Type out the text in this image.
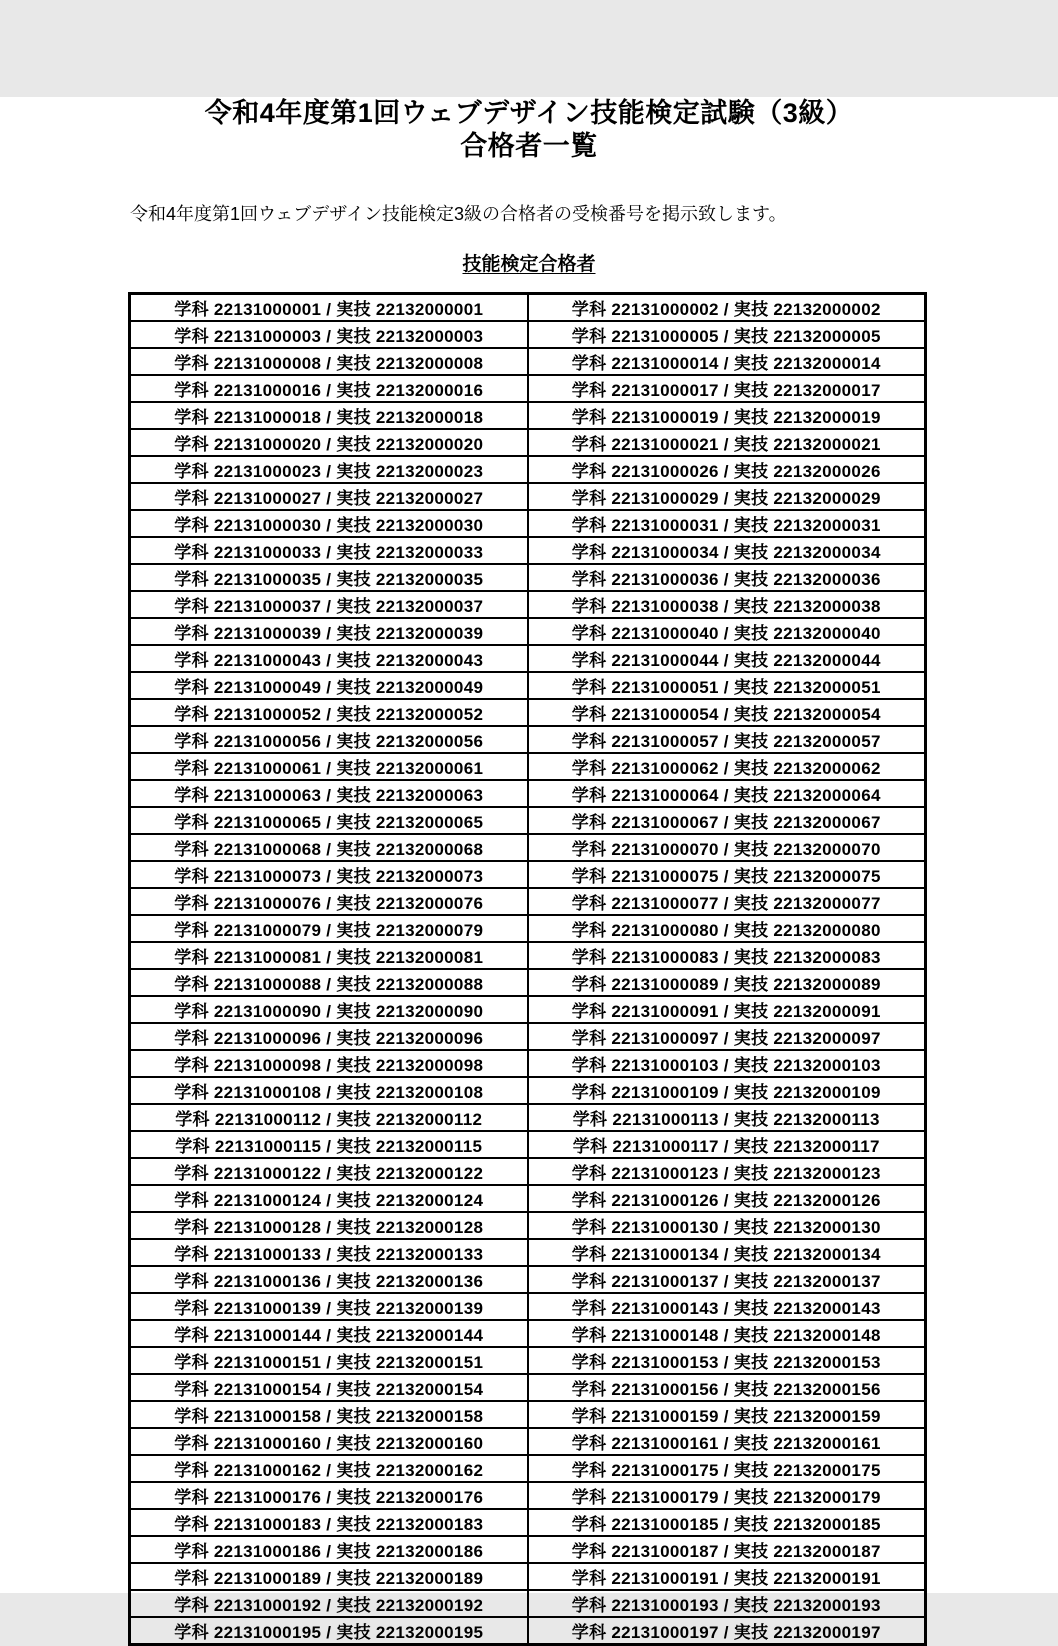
令和4年度第1回ウェブデザイン技能検定試験（3級）
合格者一覧
令和4年度第1回ウェブデザイン技能検定3級の合格者の受検番号を掲示致します。
技能検定合格者
学科 22131000001 / 実技 22132000001	学科 22131000002 / 実技 22132000002
学科 22131000003 / 実技 22132000003	学科 22131000005 / 実技 22132000005
学科 22131000008 / 実技 22132000008	学科 22131000014 / 実技 22132000014
学科 22131000016 / 実技 22132000016	学科 22131000017 / 実技 22132000017
学科 22131000018 / 実技 22132000018	学科 22131000019 / 実技 22132000019
学科 22131000020 / 実技 22132000020	学科 22131000021 / 実技 22132000021
学科 22131000023 / 実技 22132000023	学科 22131000026 / 実技 22132000026
学科 22131000027 / 実技 22132000027	学科 22131000029 / 実技 22132000029
学科 22131000030 / 実技 22132000030	学科 22131000031 / 実技 22132000031
学科 22131000033 / 実技 22132000033	学科 22131000034 / 実技 22132000034
学科 22131000035 / 実技 22132000035	学科 22131000036 / 実技 22132000036
学科 22131000037 / 実技 22132000037	学科 22131000038 / 実技 22132000038
学科 22131000039 / 実技 22132000039	学科 22131000040 / 実技 22132000040
学科 22131000043 / 実技 22132000043	学科 22131000044 / 実技 22132000044
学科 22131000049 / 実技 22132000049	学科 22131000051 / 実技 22132000051
学科 22131000052 / 実技 22132000052	学科 22131000054 / 実技 22132000054
学科 22131000056 / 実技 22132000056	学科 22131000057 / 実技 22132000057
学科 22131000061 / 実技 22132000061	学科 22131000062 / 実技 22132000062
学科 22131000063 / 実技 22132000063	学科 22131000064 / 実技 22132000064
学科 22131000065 / 実技 22132000065	学科 22131000067 / 実技 22132000067
学科 22131000068 / 実技 22132000068	学科 22131000070 / 実技 22132000070
学科 22131000073 / 実技 22132000073	学科 22131000075 / 実技 22132000075
学科 22131000076 / 実技 22132000076	学科 22131000077 / 実技 22132000077
学科 22131000079 / 実技 22132000079	学科 22131000080 / 実技 22132000080
学科 22131000081 / 実技 22132000081	学科 22131000083 / 実技 22132000083
学科 22131000088 / 実技 22132000088	学科 22131000089 / 実技 22132000089
学科 22131000090 / 実技 22132000090	学科 22131000091 / 実技 22132000091
学科 22131000096 / 実技 22132000096	学科 22131000097 / 実技 22132000097
学科 22131000098 / 実技 22132000098	学科 22131000103 / 実技 22132000103
学科 22131000108 / 実技 22132000108	学科 22131000109 / 実技 22132000109
学科 22131000112 / 実技 22132000112	学科 22131000113 / 実技 22132000113
学科 22131000115 / 実技 22132000115	学科 22131000117 / 実技 22132000117
学科 22131000122 / 実技 22132000122	学科 22131000123 / 実技 22132000123
学科 22131000124 / 実技 22132000124	学科 22131000126 / 実技 22132000126
学科 22131000128 / 実技 22132000128	学科 22131000130 / 実技 22132000130
学科 22131000133 / 実技 22132000133	学科 22131000134 / 実技 22132000134
学科 22131000136 / 実技 22132000136	学科 22131000137 / 実技 22132000137
学科 22131000139 / 実技 22132000139	学科 22131000143 / 実技 22132000143
学科 22131000144 / 実技 22132000144	学科 22131000148 / 実技 22132000148
学科 22131000151 / 実技 22132000151	学科 22131000153 / 実技 22132000153
学科 22131000154 / 実技 22132000154	学科 22131000156 / 実技 22132000156
学科 22131000158 / 実技 22132000158	学科 22131000159 / 実技 22132000159
学科 22131000160 / 実技 22132000160	学科 22131000161 / 実技 22132000161
学科 22131000162 / 実技 22132000162	学科 22131000175 / 実技 22132000175
学科 22131000176 / 実技 22132000176	学科 22131000179 / 実技 22132000179
学科 22131000183 / 実技 22132000183	学科 22131000185 / 実技 22132000185
学科 22131000186 / 実技 22132000186	学科 22131000187 / 実技 22132000187
学科 22131000189 / 実技 22132000189	学科 22131000191 / 実技 22132000191
学科 22131000192 / 実技 22132000192	学科 22131000193 / 実技 22132000193
学科 22131000195 / 実技 22132000195	学科 22131000197 / 実技 22132000197
